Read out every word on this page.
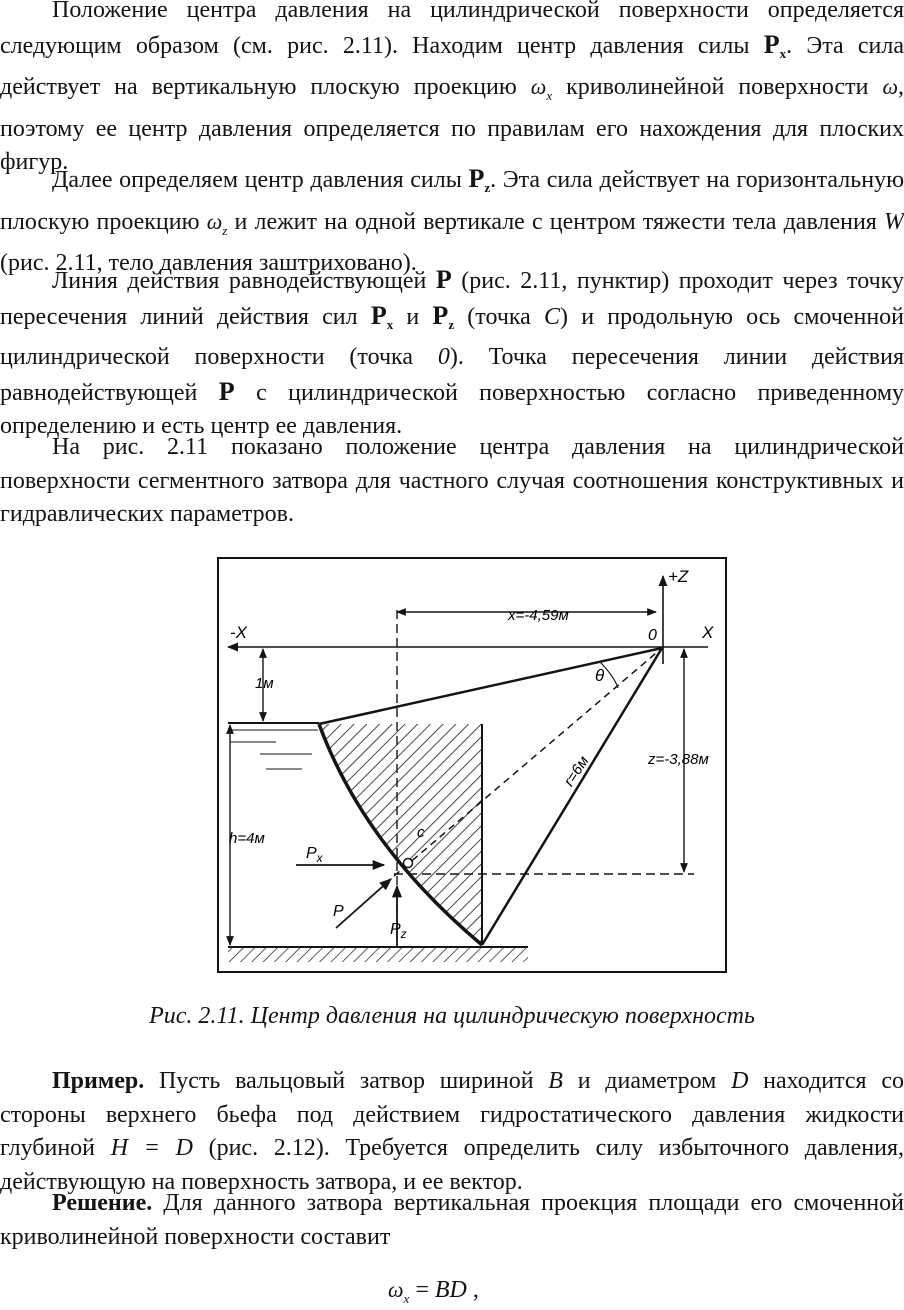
Положение центра давления на цилиндрической поверхности определяется следующим образом (см. рис. 2.11). Находим центр давления силы $P_x$. Эта сила действует на вертикальную плоскую проекцию $\omega_x$ криволинейной поверхности ω, поэтому ее центр давления определяется по правилам его нахождения для плоских фигур.

Далее определяем центр давления силы $P_z$. Эта сила действует на горизонтальную плоскую проекцию $\omega_z$ и лежит на одной вертикале с центром тяжести тела давления W (рис. 2.11, тело давления заштриховано).

Линия действия равнодействующей P (рис. 2.11, пунктир) проходит через точку пересечения линий действия сил $P_x$ и $P_z$ (точка C) и продольную ось смоченной цилиндрической поверхности (точка 0). Точка пересечения линии действия равнодействующей P с цилиндрической поверхностью согласно приведенному определению и есть центр ее давления.

На рис. 2.11 показано положение центра давления на цилиндрической поверхности сегментного затвора для частного случая соотношения конструктивных и гидравлических параметров.

-X	X
+Z
0
θ
x=-4,59м
1м
z=-3,88м
r=6м
h=4м	c
$P_x$
P
$P_z$
Рис. 2.11. Центр давления на цилиндрическую поверхность

Пример. Пусть вальцовый затвор шириной B и диаметром D находится со стороны верхнего бьефа под действием гидростатического давления жидкости глубиной H = D (рис. 2.12). Требуется определить силу избыточного давления, действующую на поверхность затвора, и ее вектор.

Решение. Для данного затвора вертикальная проекция площади его смоченной криволинейной поверхности составит

$\omega_x$ = BD ,
